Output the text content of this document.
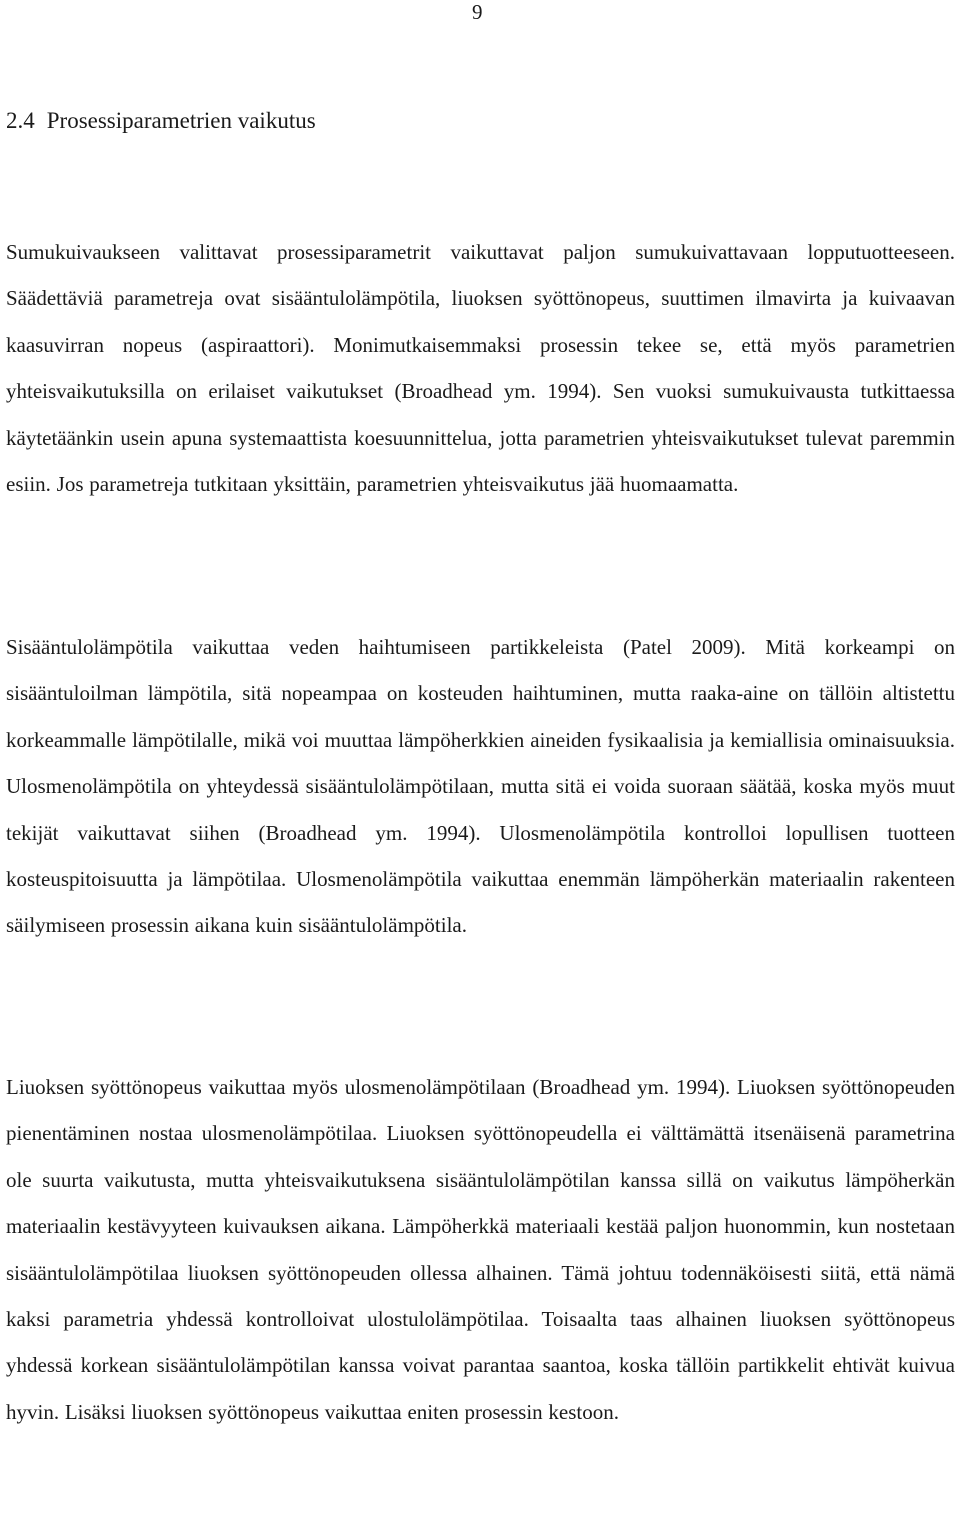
9
2.4 Prosessiparametrien vaikutus

Sumukuivaukseen valittavat prosessiparametrit vaikuttavat paljon sumukuivattavaan lopputuotteeseen. Säädettäviä parametreja ovat sisääntulolämpötila, liuoksen syöttönopeus, suuttimen ilmavirta ja kuivaavan kaasuvirran nopeus (aspiraattori). Monimutkaisemmaksi prosessin tekee se, että myös parametrien yhteisvaikutuksilla on erilaiset vaikutukset (Broadhead ym. 1994). Sen vuoksi sumukuivausta tutkittaessa käytetäänkin usein apuna systemaattista koesuunnittelua, jotta parametrien yhteisvaikutukset tulevat paremmin esiin. Jos parametreja tutkitaan yksittäin, parametrien yhteisvaikutus jää huomaamatta.

Sisääntulolämpötila vaikuttaa veden haihtumiseen partikkeleista (Patel 2009). Mitä korkeampi on sisääntuloilman lämpötila, sitä nopeampaa on kosteuden haihtuminen, mutta raaka-aine on tällöin altistettu korkeammalle lämpötilalle, mikä voi muuttaa lämpöherkkien aineiden fysikaalisia ja kemiallisia ominaisuuksia. Ulosmenolämpötila on yhteydessä sisääntulolämpötilaan, mutta sitä ei voida suoraan säätää, koska myös muut tekijät vaikuttavat siihen (Broadhead ym. 1994). Ulosmenolämpötila kontrolloi lopullisen tuotteen kosteuspitoisuutta ja lämpötilaa. Ulosmenolämpötila vaikuttaa enemmän lämpöherkän materiaalin rakenteen säilymiseen prosessin aikana kuin sisääntulolämpötila.

Liuoksen syöttönopeus vaikuttaa myös ulosmenolämpötilaan (Broadhead ym. 1994). Liuoksen syöttönopeuden pienentäminen nostaa ulosmenolämpötilaa. Liuoksen syöttönopeudella ei välttämättä itsenäisenä parametrina ole suurta vaikutusta, mutta yhteisvaikutuksena sisääntulolämpötilan kanssa sillä on vaikutus lämpöherkän materiaalin kestävyyteen kuivauksen aikana. Lämpöherkkä materiaali kestää paljon huonommin, kun nostetaan sisääntulolämpötilaa liuoksen syöttönopeuden ollessa alhainen. Tämä johtuu todennäköisesti siitä, että nämä kaksi parametria yhdessä kontrolloivat ulostulolämpötilaa. Toisaalta taas alhainen liuoksen syöttönopeus yhdessä korkean sisääntulolämpötilan kanssa voivat parantaa saantoa, koska tällöin partikkelit ehtivät kuivua hyvin. Lisäksi liuoksen syöttönopeus vaikuttaa eniten prosessin kestoon.
